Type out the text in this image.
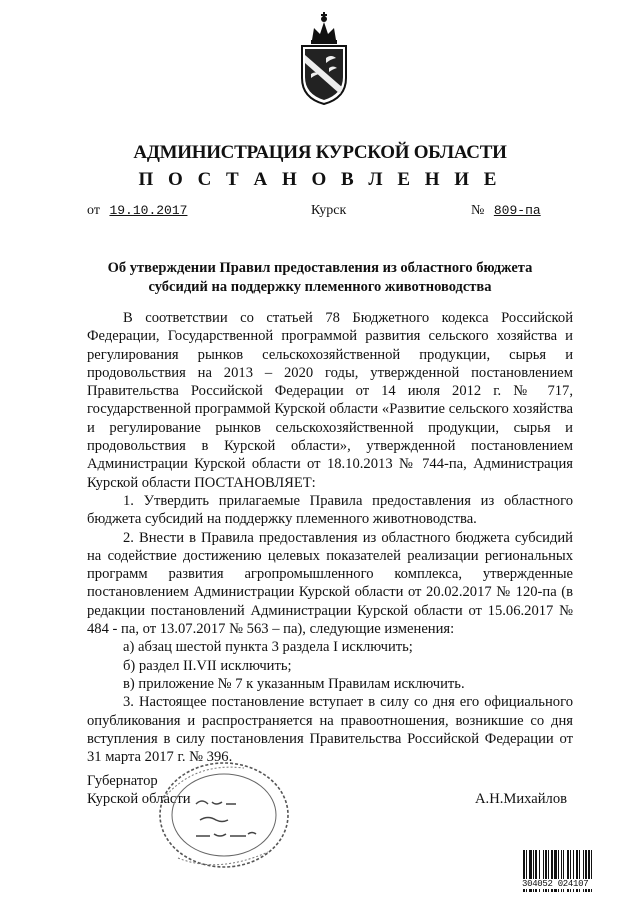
АДМИНИСТРАЦИЯ КУРСКОЙ ОБЛАСТИ
П О С Т А Н О В Л Е Н И Е
от 19.10.2017	Курск	№ 809-па
Об утверждении Правил предоставления из областного бюджета
субсидий на поддержку племенного животноводства

В соответствии со статьей 78 Бюджетного кодекса Российской Федерации, Государственной программой развития сельского хозяйства и регулирования рынков сельскохозяйственной продукции, сырья и продовольствия на 2013 – 2020 годы, утвержденной постановлением Правительства Российской Федерации от 14 июля 2012 г. № 717, государственной программой Курской области «Развитие сельского хозяйства и регулирование рынков сельскохозяйственной продукции, сырья и продовольствия в Курской области», утвержденной постановлением Администрации Курской области от 18.10.2013 № 744-па, Администрация Курской области ПОСТАНОВЛЯЕТ:

1. Утвердить прилагаемые Правила предоставления из областного бюджета субсидий на поддержку племенного животноводства.

2. Внести в Правила предоставления из областного бюджета субсидий на содействие достижению целевых показателей реализации региональных программ развития агропромышленного комплекса, утвержденные постановлением Администрации Курской области от 20.02.2017 № 120-па (в редакции постановлений Администрации Курской области от 15.06.2017 № 484 - па, от 13.07.2017 № 563 – па), следующие изменения:

а) абзац шестой пункта 3 раздела I исключить;

б) раздел II.VII исключить;

в) приложение № 7 к указанным Правилам исключить.

3. Настоящее постановление вступает в силу со дня его официального опубликования и распространяется на правоотношения, возникшие со дня вступления в силу постановления Правительства Российской Федерации от 31 марта 2017 г. № 396.

Губернатор
Курской области	А.Н.Михайлов
304052 024107
